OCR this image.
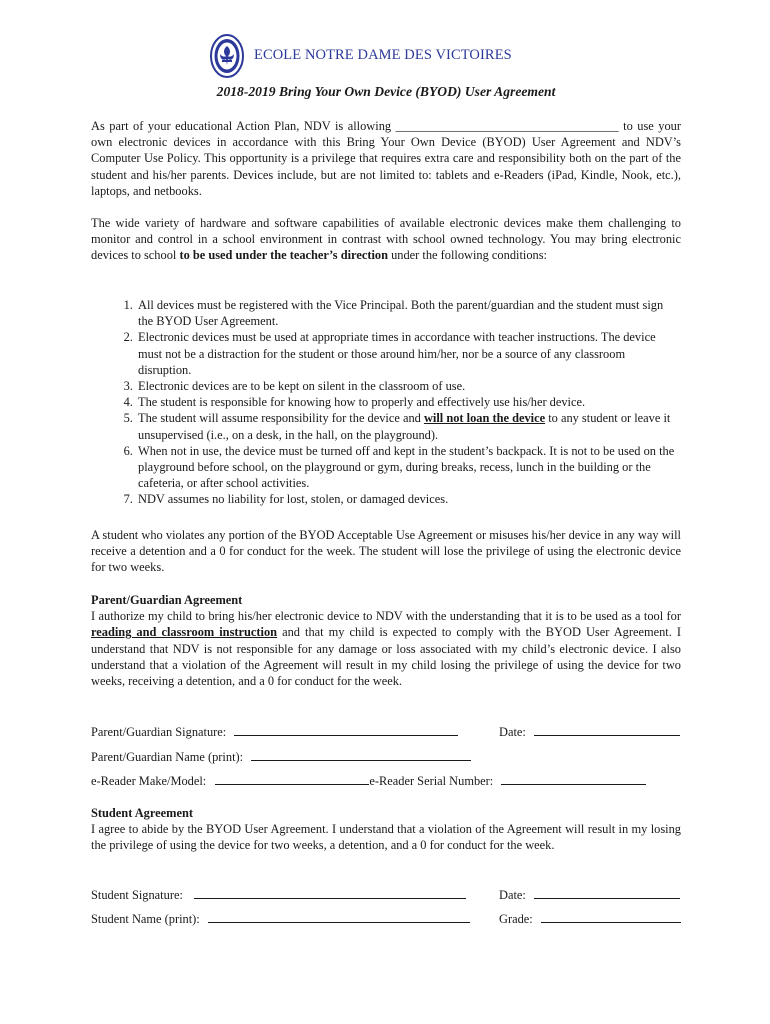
ECOLE NOTRE DAME DES VICTOIRES
2018-2019 Bring Your Own Device (BYOD) User Agreement

As part of your educational Action Plan, NDV is allowing ____________________________________ to use your own electronic devices in accordance with this Bring Your Own Device (BYOD) User Agreement and NDV’s Computer Use Policy. This opportunity is a privilege that requires extra care and responsibility both on the part of the student and his/her parents. Devices include, but are not limited to: tablets and e-Readers (iPad, Kindle, Nook, etc.), laptops, and netbooks.

The wide variety of hardware and software capabilities of available electronic devices make them challenging to monitor and control in a school environment in contrast with school owned technology. You may bring electronic devices to school to be used under the teacher’s direction under the following conditions:

1. All devices must be registered with the Vice Principal. Both the parent/guardian and the student must sign the BYOD User Agreement.
2. Electronic devices must be used at appropriate times in accordance with teacher instructions. The device must not be a distraction for the student or those around him/her, nor be a source of any classroom disruption.
3. Electronic devices are to be kept on silent in the classroom of use.
4. The student is responsible for knowing how to properly and effectively use his/her device.
5. The student will assume responsibility for the device and will not loan the device to any student or leave it unsupervised (i.e., on a desk, in the hall, on the playground).
6. When not in use, the device must be turned off and kept in the student’s backpack. It is not to be used on the playground before school, on the playground or gym, during breaks, recess, lunch in the building or the cafeteria, or after school activities.
7. NDV assumes no liability for lost, stolen, or damaged devices.

A student who violates any portion of the BYOD Acceptable Use Agreement or misuses his/her device in any way will receive a detention and a 0 for conduct for the week. The student will lose the privilege of using the electronic device for two weeks.

Parent/Guardian Agreement

I authorize my child to bring his/her electronic device to NDV with the understanding that it is to be used as a tool for reading and classroom instruction and that my child is expected to comply with the BYOD User Agreement. I understand that NDV is not responsible for any damage or loss associated with my child’s electronic device. I also understand that a violation of the Agreement will result in my child losing the privilege of using the device for two weeks, receiving a detention, and a 0 for conduct for the week.

Parent/Guardian Signature:	Date:
Parent/Guardian Name (print):
e-Reader Make/Model:	e-Reader Serial Number:
Student Agreement

I agree to abide by the BYOD User Agreement. I understand that a violation of the Agreement will result in my losing the privilege of using the device for two weeks, a detention, and a 0 for conduct for the week.

Student Signature:	Date:
Student Name (print):	Grade:
